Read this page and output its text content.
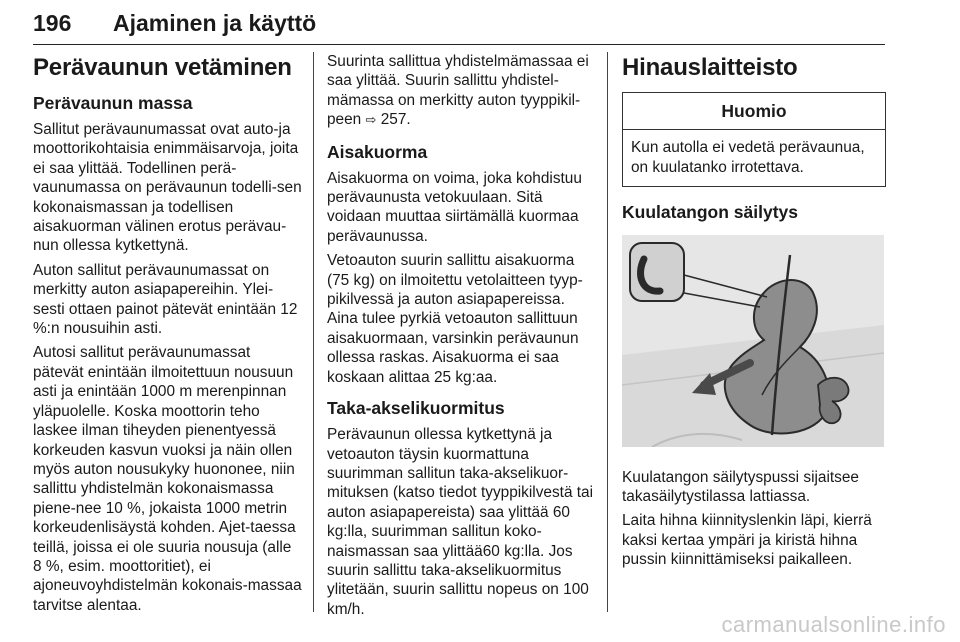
196 Ajaminen ja käyttö
Perävaunun vetäminen
Perävaunun massa

Sallitut perävaunumassat ovat auto-ja moottorikohtaisia enimmäisarvoja, joita ei saa ylittää. Todellinen perä-vaunumassa on perävaunun todelli-sen kokonaismassan ja todellisen aisakuorman välinen erotus perävau-nun ollessa kytkettynä.

Auton sallitut perävaunumassat on merkitty auton asiapapereihin. Ylei-sesti ottaen painot pätevät enintään 12 %:n nousuihin asti.

Autosi sallitut perävaunumassat pätevät enintään ilmoitettuun nousuun asti ja enintään 1000 m merenpinnan yläpuolelle. Koska moottorin teho laskee ilman tiheyden pienentyessä korkeuden kasvun vuoksi ja näin ollen myös auton nousukyky huononee, niin sallittu yhdistelmän kokonaismassa piene-nee 10 %, jokaista 1000 metrin korkeudenlisäystä kohden. Ajet-taessa teillä, joissa ei ole suuria nousuja (alle 8 %, esim. moottoritiet), ei ajoneuvoyhdistelmän kokonais-massaa tarvitse alentaa.

Suurinta sallittua yhdistelmämassaa ei saa ylittää. Suurin sallittu yhdistel-mämassa on merkitty auton tyyppikil-peen ⇨ 257.

Aisakuorma

Aisakuorma on voima, joka kohdistuu perävaunusta vetokuulaan. Sitä voidaan muuttaa siirtämällä kuormaa perävaunussa.

Vetoauton suurin sallittu aisakuorma (75 kg) on ilmoitettu vetolaitteen tyyp-pikilvessä ja auton asiapapereissa. Aina tulee pyrkiä vetoauton sallittuun aisakuormaan, varsinkin perävaunun ollessa raskas. Aisakuorma ei saa koskaan alittaa 25 kg:aa.

Taka-akselikuormitus

Perävaunun ollessa kytkettynä ja vetoauton täysin kuormattuna suurimman sallitun taka-akselikuor-mituksen (katso tiedot tyyppikilvestä tai auton asiapapereista) saa ylittää 60 kg:lla, suurimman sallitun koko-naismassan saa ylittää60 kg:lla. Jos suurin sallittu taka-akselikuormitus ylitetään, suurin sallittu nopeus on 100 km/h.

Hinauslaitteisto
Huomio
Kun autolla ei vedetä perävaunua, on kuulatanko irrotettava.
Kuulatangon säilytys

Kuulatangon säilytyspussi sijaitsee takasäilytystilassa lattiassa.

Laita hihna kiinnityslenkin läpi, kierrä kaksi kertaa ympäri ja kiristä hihna pussin kiinnittämiseksi paikalleen.

carmanualsonline.info
